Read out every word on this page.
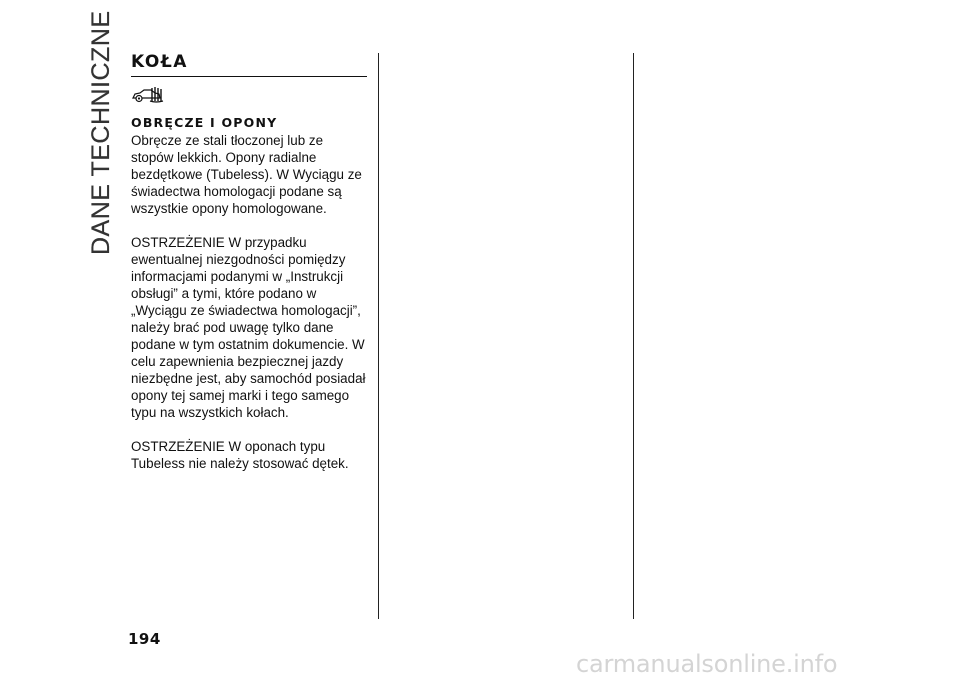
DANE TECHNICZNE KOŁA
OBRĘCZE I OPONY

Obręcze ze stali tłoczonej lub ze stopów lekkich. Opony radialne bezdętkowe (Tubeless). W Wyciągu ze świadectwa homologacji podane są wszystkie opony homologowane.

OSTRZEŻENIE W przypadku ewentualnej niezgodności pomiędzy informacjami podanymi w „Instrukcji obsługi” a tymi, które podano w „Wyciągu ze świadectwa homologacji”, należy brać pod uwagę tylko dane podane w tym ostatnim dokumencie. W celu zapewnienia bezpiecznej jazdy niezbędne jest, aby samochód posiadał opony tej samej marki i tego samego typu na wszystkich kołach.

OSTRZEŻENIE W oponach typu Tubeless nie należy stosować dętek.

194
carmanualsonline.info
